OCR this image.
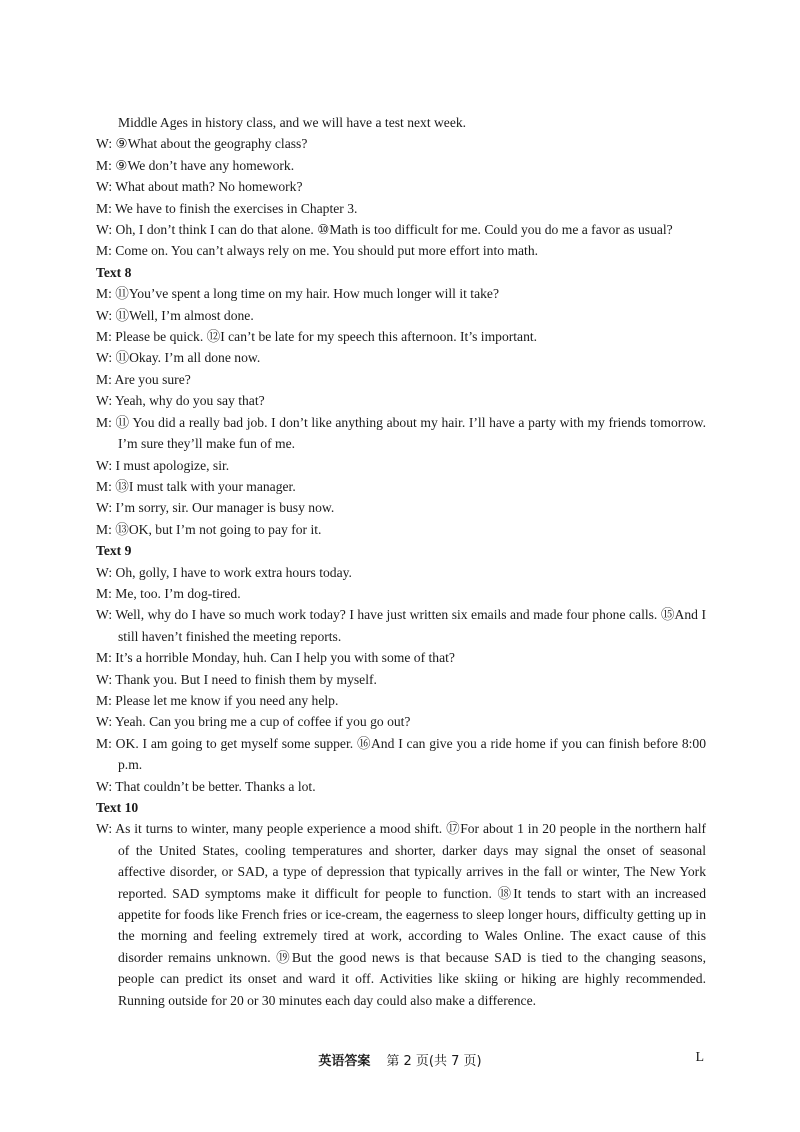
Middle Ages in history class, and we will have a test next week.

W: ⑨What about the geography class?

M: ⑨We don’t have any homework.

W: What about math? No homework?

M: We have to finish the exercises in Chapter 3.

W: Oh, I don’t think I can do that alone. ⑩Math is too difficult for me. Could you do me a favor as usual?

M: Come on. You can’t always rely on me. You should put more effort into math.

Text 8

M: ⑪You’ve spent a long time on my hair. How much longer will it take?

W: ⑪Well, I’m almost done.

M: Please be quick. ⑫I can’t be late for my speech this afternoon. It’s important.

W: ⑪Okay. I’m all done now.

M: Are you sure?

W: Yeah, why do you say that?

M: ⑪ You did a really bad job. I don’t like anything about my hair. I’ll have a party with my friends tomorrow. I’m sure they’ll make fun of me.

W: I must apologize, sir.

M: ⑬I must talk with your manager.

W: I’m sorry, sir. Our manager is busy now.

M: ⑬OK, but I’m not going to pay for it.

Text 9

W: Oh, golly, I have to work extra hours today.

M: Me, too. I’m dog-tired.

W: Well, why do I have so much work today? I have just written six emails and made four phone calls. ⑮And I still haven’t finished the meeting reports.

M: It’s a horrible Monday, huh. Can I help you with some of that?

W: Thank you. But I need to finish them by myself.

M: Please let me know if you need any help.

W: Yeah. Can you bring me a cup of coffee if you go out?

M: OK. I am going to get myself some supper. ⑯And I can give you a ride home if you can finish before 8:00 p.m.

W: That couldn’t be better. Thanks a lot.

Text 10

W: As it turns to winter, many people experience a mood shift. ⑰For about 1 in 20 people in the northern half of the United States, cooling temperatures and shorter, darker days may signal the onset of seasonal affective disorder, or SAD, a type of depression that typically arrives in the fall or winter, The New York reported. SAD symptoms make it difficult for people to function. ⑱It tends to start with an increased appetite for foods like French fries or ice-cream, the eagerness to sleep longer hours, difficulty getting up in the morning and feeling extremely tired at work, according to Wales Online. The exact cause of this disorder remains unknown. ⑲But the good news is that because SAD is tied to the changing seasons, people can predict its onset and ward it off. Activities like skiing or hiking are highly recommended. Running outside for 20 or 30 minutes each day could also make a difference.

英语答案 第 2 页(共 7 页)	L
